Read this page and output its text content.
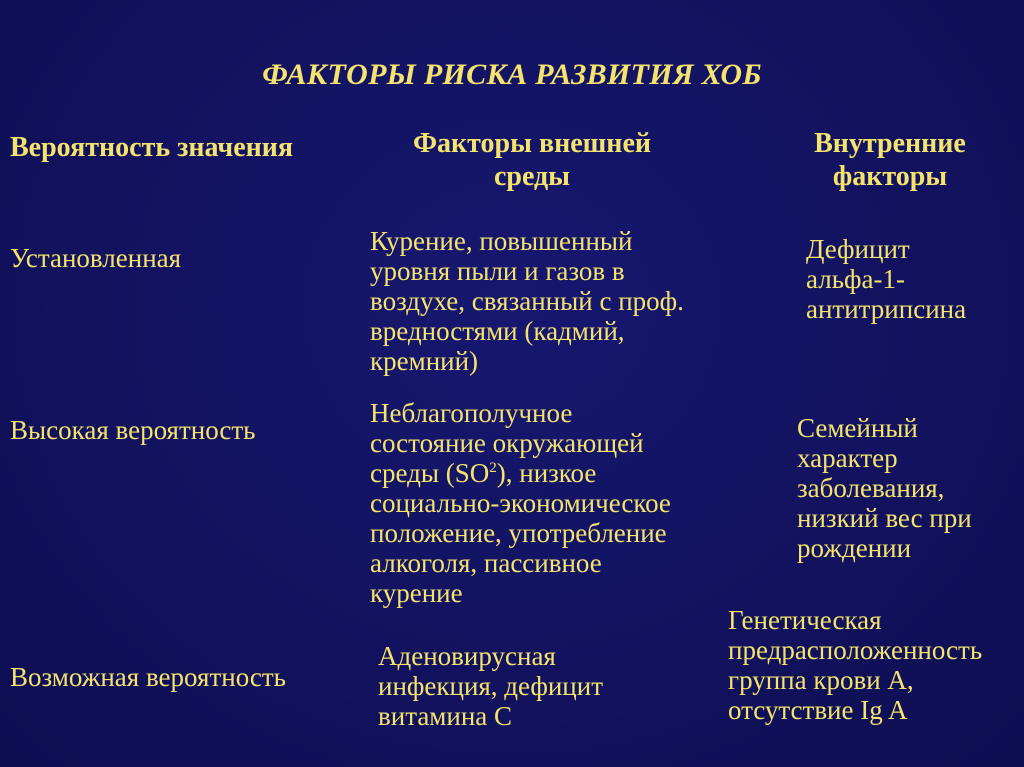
ФАКТОРЫ РИСКА РАЗВИТИЯ ХОБ
Вероятность значения	Факторы внешней
среды
Внутренние
факторы
Установленная
Курение, повышенный
уровня пыли и газов в
воздухе, связанный с проф.
вредностями (кадмий,
кремний)
Дефицит
альфа-1-
антитрипсина
Высокая вероятность
Неблагополучное
состояние окружающей
среды $(SO^2)$, низкое
социально-экономическое
положение, употребление
алкоголя, пассивное
курение
Семейный
характер
заболевания,
низкий вес при
рождении
Возможная вероятность
Аденовирусная
инфекция, дефицит
витамина С
Генетическая
предрасположенность
группа крови А,
отсутствие Ig A
